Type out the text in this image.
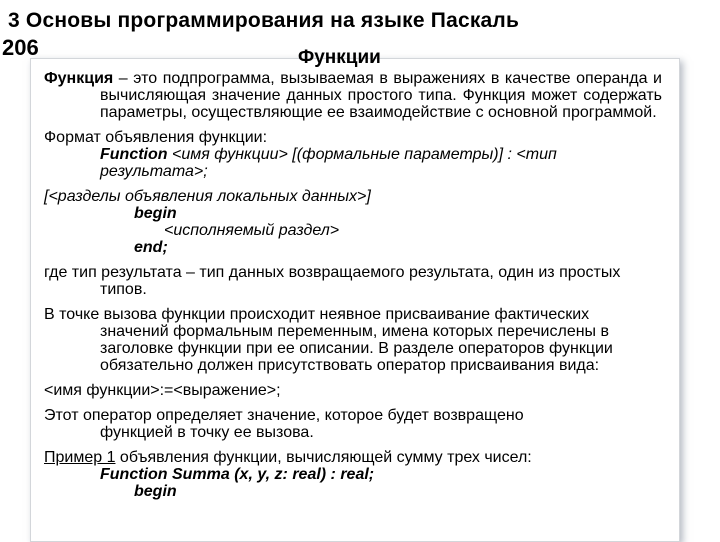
3 Основы программирования на языке Паскаль
206	Функции

Функция – это подпрограмма, вызываемая в выражениях в качестве операнда и вычисляющая значение данных простого типа. Функция может содержать параметры, осуществляющие ее взаимодействие с основной программой.

Формат объявления функции:

Function <имя функции> [(формальные параметры)] : <тип результата>;

[<разделы объявления локальных данных>]

begin

<исполняемый раздел>

end;

где тип результата – тип данных возвращаемого результата, один из простых типов.

В точке вызова функции происходит неявное присваивание фактических значений формальным переменным, имена которых перечислены в заголовке функции при ее описании. В разделе операторов функции обязательно должен присутствовать оператор присваивания вида:

<имя функции>:=<выражение>;

Этот оператор определяет значение, которое будет возвращено функцией в точку ее вызова.

Пример 1 объявления функции, вычисляющей сумму трех чисел:

Function Summa (x, y, z: real) : real;

begin
